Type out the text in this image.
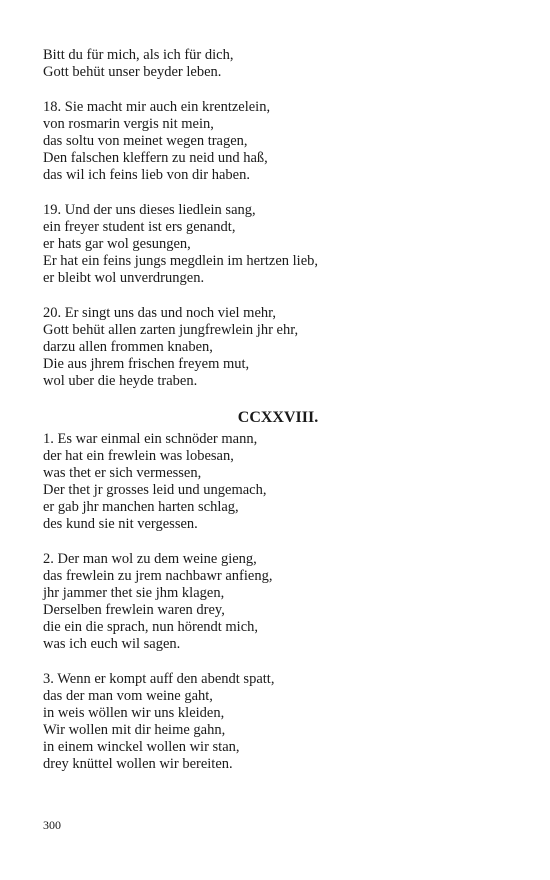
Bitt du für mich, als ich für dich,
Gott behüt unser beyder leben.
18. Sie macht mir auch ein krentzelein,
von rosmarin vergis nit mein,
das soltu von meinet wegen tragen,
Den falschen kleffern zu neid und haß,
das wil ich feins lieb von dir haben.
19. Und der uns dieses liedlein sang,
ein freyer student ist ers genandt,
er hats gar wol gesungen,
Er hat ein feins jungs megdlein im hertzen lieb,
er bleibt wol unverdrungen.
20. Er singt uns das und noch viel mehr,
Gott behüt allen zarten jungfrewlein jhr ehr,
darzu allen frommen knaben,
Die aus jhrem frischen freyem mut,
wol uber die heyde traben.
CCXXVIII.
1. Es war einmal ein schnöder mann,
der hat ein frewlein was lobesan,
was thet er sich vermessen,
Der thet jr grosses leid und ungemach,
er gab jhr manchen harten schlag,
des kund sie nit vergessen.
2. Der man wol zu dem weine gieng,
das frewlein zu jrem nachbawr anfieng,
jhr jammer thet sie jhm klagen,
Derselben frewlein waren drey,
die ein die sprach, nun hörendt mich,
was ich euch wil sagen.
3. Wenn er kompt auff den abendt spatt,
das der man vom weine gaht,
in weis wöllen wir uns kleiden,
Wir wollen mit dir heime gahn,
in einem winckel wollen wir stan,
drey knüttel wollen wir bereiten.
300
